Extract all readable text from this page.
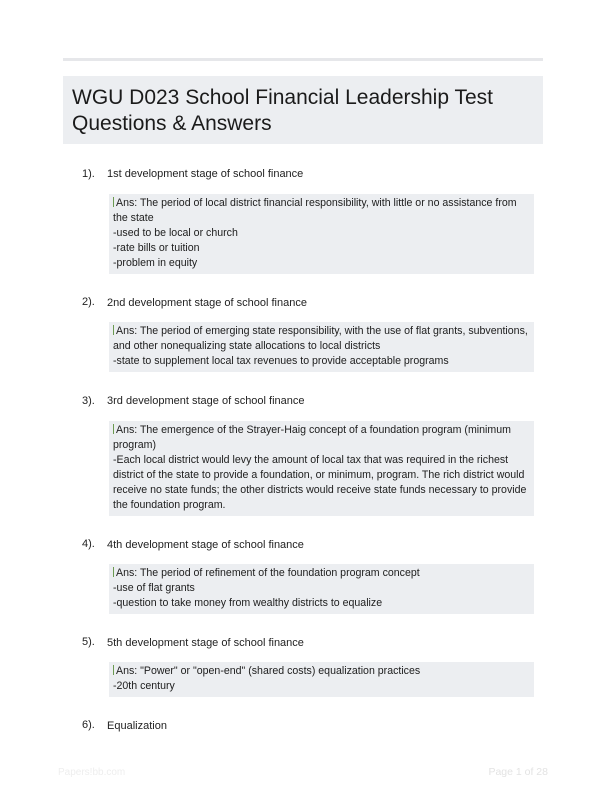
WGU D023 School Financial Leadership Test
Questions & Answers
1). 1st development stage of school finance
Ans: The period of local district financial responsibility, with little or no assistance from
the state
-used to be local or church
-rate bills or tuition
-problem in equity
2). 2nd development stage of school finance
Ans: The period of emerging state responsibility, with the use of flat grants, subventions,
and other nonequalizing state allocations to local districts
-state to supplement local tax revenues to provide acceptable programs
3). 3rd development stage of school finance
Ans: The emergence of the Strayer-Haig concept of a foundation program (minimum
program)
-Each local district would levy the amount of local tax that was required in the richest
district of the state to provide a foundation, or minimum, program. The rich district would
receive no state funds; the other districts would receive state funds necessary to provide
the foundation program.
4). 4th development stage of school finance
Ans: The period of refinement of the foundation program concept
-use of flat grants
-question to take money from wealthy districts to equalize
5). 5th development stage of school finance
Ans: "Power" or "open-end" (shared costs) equalization practices
-20th century
6). Equalization
Papers!bb.com	Page 1 of 28
